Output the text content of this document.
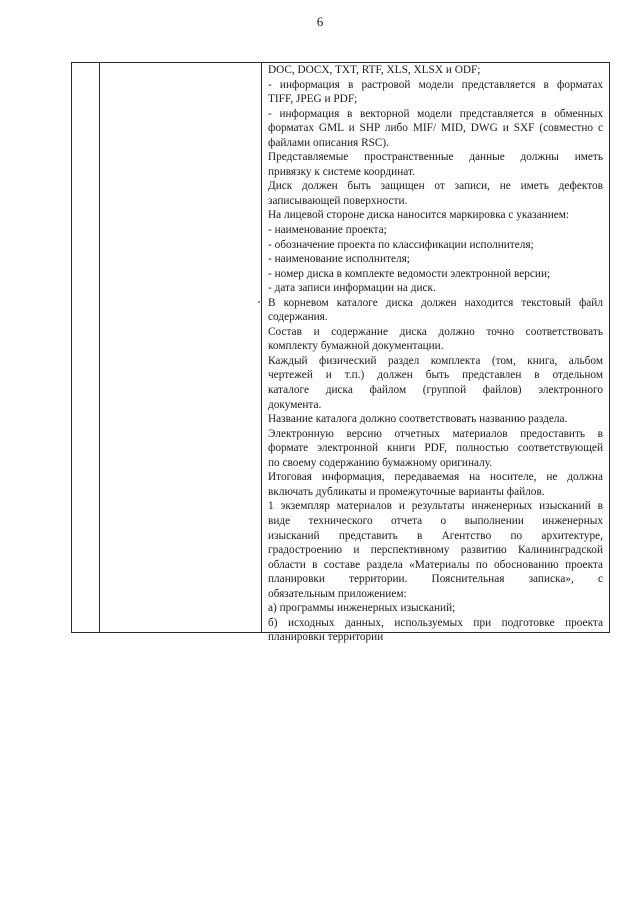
6
DOC, DOCX, TXT, RTF, XLS, XLSX и ODF;
- информация в растровой модели представляется в форматах
TIFF, JPEG и PDF;
- информация в векторной модели представляется в обменных
форматах GML и SHP либо MIF/ MID, DWG и SXF (совместно с
файлами описания RSC).
Представляемые пространственные данные должны иметь
привязку к системе координат.
Диск должен быть защищен от записи, не иметь дефектов
записывающей поверхности.
На лицевой стороне диска наносится маркировка с указанием:
- наименование проекта;
- обозначение проекта по классификации исполнителя;
- наименование исполнителя;
- номер диска в комплекте ведомости электронной версии;
- дата записи информации на диск.
В корневом каталоге диска должен находится текстовый файл
содержания.
Состав и содержание диска должно точно соответствовать
комплекту бумажной документации.
Каждый физический раздел комплекта (том, книга, альбом
чертежей и т.п.) должен быть представлен в отдельном
каталоге диска файлом (группой файлов) электронного
документа.
Название каталога должно соответствовать названию раздела.
Электронную версию отчетных материалов предоставить в
формате электронной книги PDF, полностью соответствующей
по своему содержанию бумажному оригиналу.
Итоговая информация, передаваемая на носителе, не должна
включать дубликаты и промежуточные варианты файлов.
1 экземпляр материалов и результаты инженерных изысканий в
виде технического отчета о выполнении инженерных
изысканий представить в Агентство по архитектуре,
градостроению и перспективному развитию Калининградской
области в составе раздела «Материалы по обоснованию проекта
планировки территории. Пояснительная записка», с
обязательным приложением:
а) программы инженерных изысканий;
б) исходных данных, используемых при подготовке проекта
планировки территории
